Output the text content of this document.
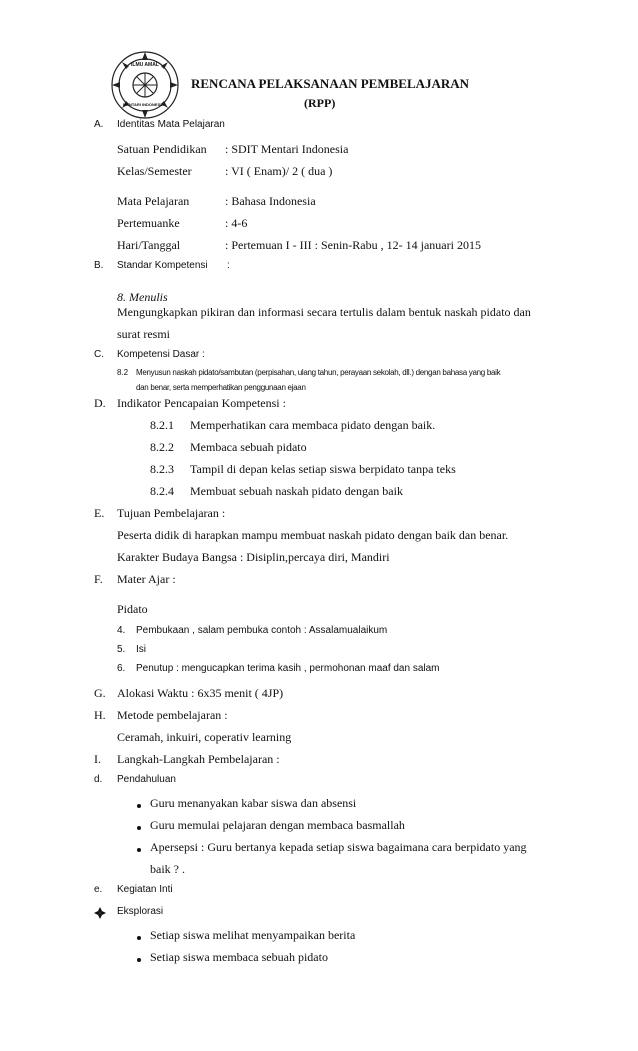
ILMU AMAL
MENTARI INDONESIA
RENCANA PELAKSANAAN PEMBELAJARAN
(RPP)
A. Identitas Mata Pelajaran
Satuan Pendidikan : SDIT Mentari Indonesia
Kelas/Semester	: VI ( Enam)/ 2 ( dua )
Mata Pelajaran	: Bahasa Indonesia
Pertemuanke	: 4-6
Hari/Tanggal	: Pertemuan I - III : Senin-Rabu , 12- 14 januari 2015
B. Standar Kompetensi :
8. Menulis
Mengungkapkan pikiran dan informasi secara tertulis dalam bentuk naskah pidato dan
surat resmi
C. Kompetensi Dasar :
8.2 Menyusun naskah pidato/sambutan (perpisahan, ulang tahun, perayaan sekolah, dll.) dengan bahasa yang baik
dan benar, serta memperhatikan penggunaan ejaan
D. Indikator Pencapaian Kompetensi :
8.2.1 Memperhatikan cara membaca pidato dengan baik.
8.2.2 Membaca sebuah pidato
8.2.3 Tampil di depan kelas setiap siswa berpidato tanpa teks
8.2.4 Membuat sebuah naskah pidato dengan baik
E. Tujuan Pembelajaran :
Peserta didik di harapkan mampu membuat naskah pidato dengan baik dan benar.
Karakter Budaya Bangsa : Disiplin,percaya diri, Mandiri
F. Mater Ajar :
Pidato
4. Pembukaan , salam pembuka contoh : Assalamualaikum
5. Isi
6. Penutup : mengucapkan terima kasih , permohonan maaf dan salam
G. Alokasi Waktu : 6x35 menit ( 4JP)
H. Metode pembelajaran :
Ceramah, inkuiri, coperativ learning
I. Langkah-Langkah Pembelajaran :
d. Pendahuluan
Guru menanyakan kabar siswa dan absensi
Guru memulai pelajaran dengan membaca basmallah
Apersepsi : Guru bertanya kepada setiap siswa bagaimana cara berpidato yang
baik ? .
e. Kegiatan Inti
Eksplorasi
Setiap siswa melihat menyampaikan berita
Setiap siswa membaca sebuah pidato
